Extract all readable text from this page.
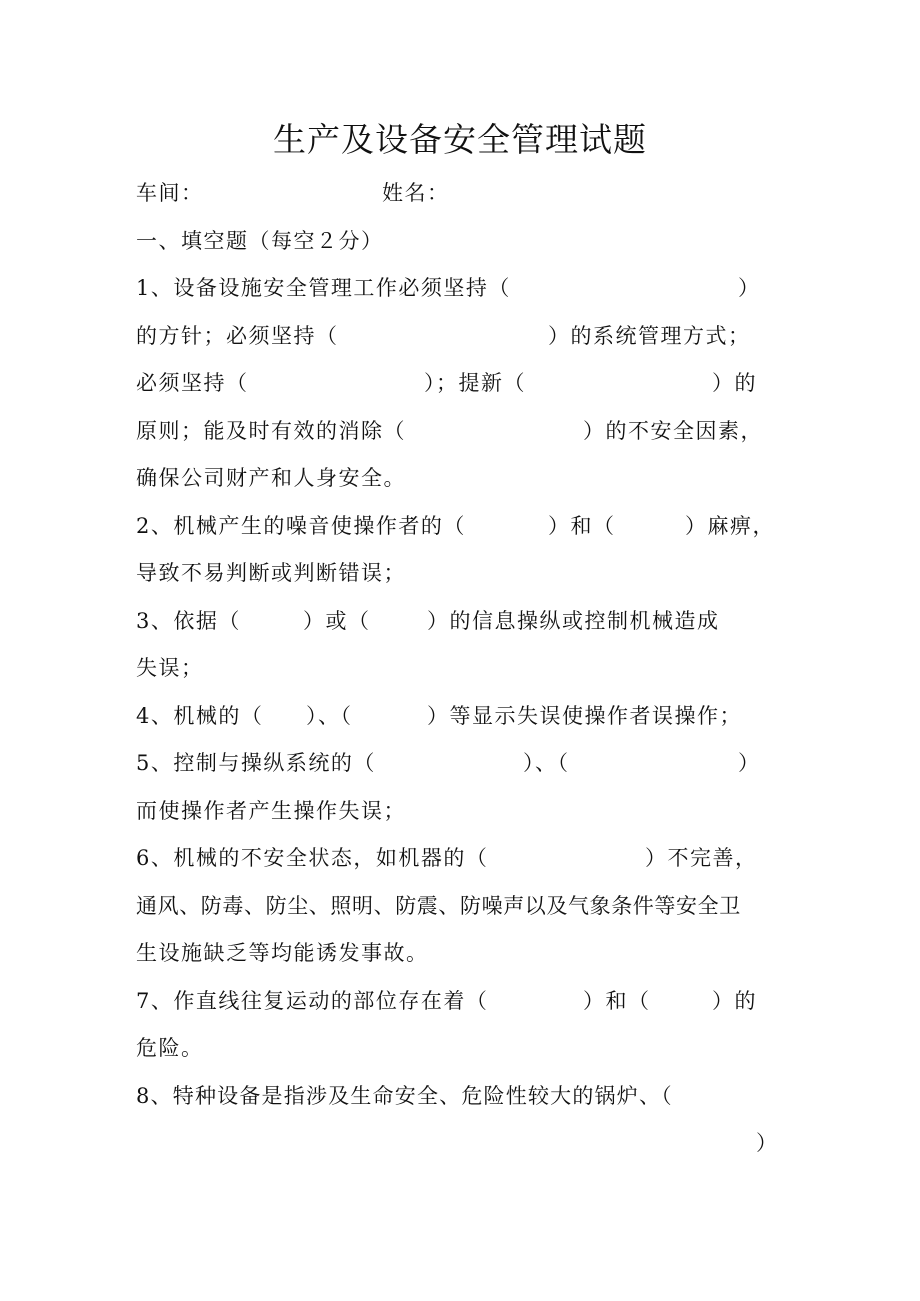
生产及设备安全管理试题
车间：	姓名：
一、填空题（每空２分）
1、设备设施安全管理工作必须坚持（	）
的方针；必须坚持（	）的系统管理方式；
必须坚持（	）；提新（	）的
原则；能及时有效的消除（	）的不安全因素，
确保公司财产和人身安全。
2、机械产生的噪音使操作者的（	）和（	）麻痹，
导致不易判断或判断错误；
3、依据（	）或（	）的信息操纵或控制机械造成
失误；
4、机械的（ ）、（	）等显示失误使操作者误操作；
5、控制与操纵系统的（	）、（	）
而使操作者产生操作失误；
6、机械的不安全状态，如机器的（	）不完善，
通风、防毒、防尘、照明、防震、防噪声以及气象条件等安全卫
生设施缺乏等均能诱发事故。
7、作直线往复运动的部位存在着（	）和（	）的
危险。
8、特种设备是指涉及生命安全、危险性较大的锅炉、（
）
